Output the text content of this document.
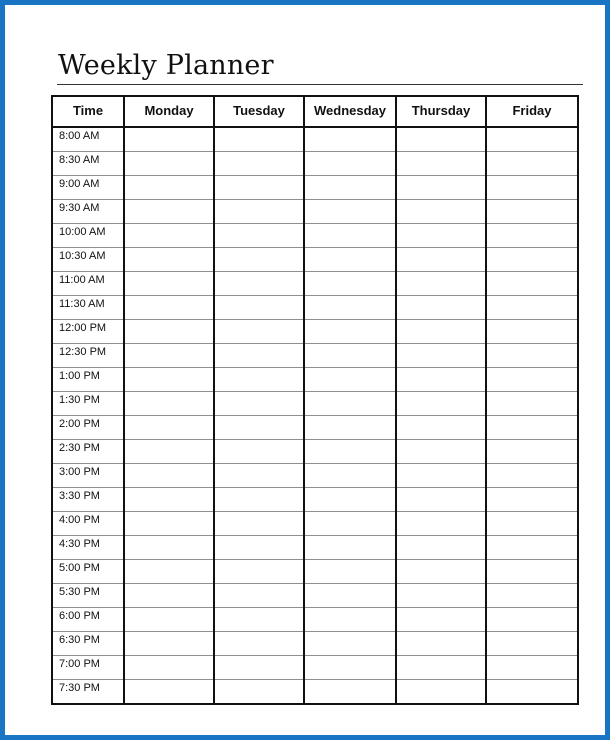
Weekly Planner
Time	Monday	Tuesday	Wednesday	Thursday	Friday
8:00 AM					
8:30 AM					
9:00 AM					
9:30 AM					
10:00 AM					
10:30 AM					
11:00 AM					
11:30 AM					
12:00 PM					
12:30 PM					
1:00 PM					
1:30 PM					
2:00 PM					
2:30 PM					
3:00 PM					
3:30 PM					
4:00 PM					
4:30 PM					
5:00 PM					
5:30 PM					
6:00 PM					
6:30 PM					
7:00 PM					
7:30 PM					
